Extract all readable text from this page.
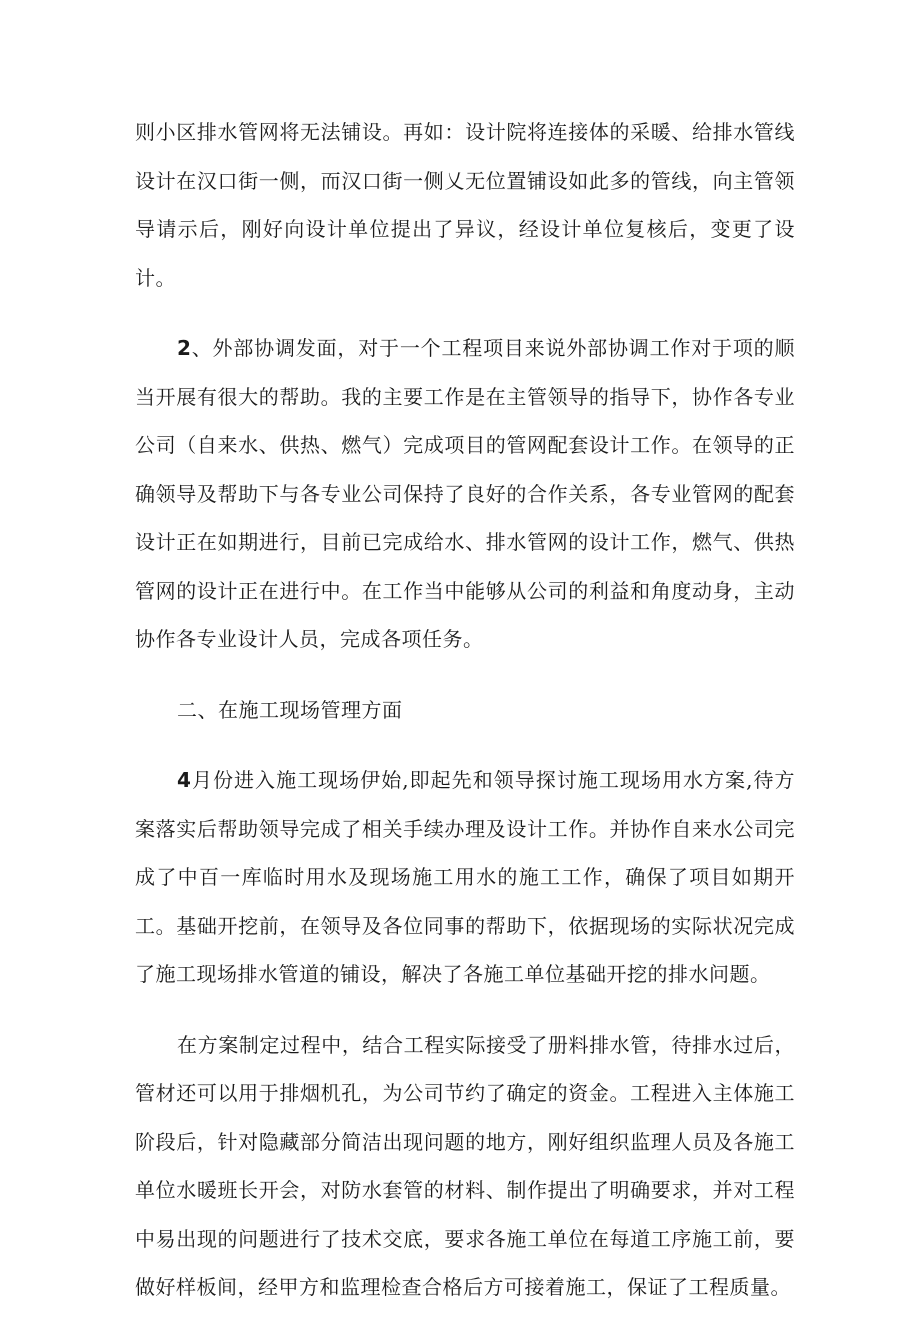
则小区排水管网将无法铺设。再如：设计院将连接体的采暖、给排水管线设计在汉口街一侧，而汉口街一侧乂无位置铺设如此多的管线，向主管领导请示后，刚好向设计单位提出了异议，经设计单位复核后，变更了设计。

2、外部协调发面，对于一个工程项目来说外部协调工作对于项的顺当开展有很大的帮助。我的主要工作是在主管领导的指导下，协作各专业公司（自来水、供热、燃气）完成项目的管网配套设计工作。在领导的正确领导及帮助下与各专业公司保持了良好的合作关系，各专业管网的配套设计正在如期进行，目前已完成给水、排水管网的设计工作，燃气、供热管网的设计正在进行中。在工作当中能够从公司的利益和角度动身，主动协作各专业设计人员，完成各项任务。

二、在施工现场管理方面

4月份进入施工现场伊始,即起先和领导探讨施工现场用水方案,待方案落实后帮助领导完成了相关手续办理及设计工作。并协作自来水公司完成了中百一库临时用水及现场施工用水的施工工作，确保了项目如期开工。基础开挖前，在领导及各位同事的帮助下，依据现场的实际状况完成了施工现场排水管道的铺设，解决了各施工单位基础开挖的排水问题。

在方案制定过程中，结合工程实际接受了册料排水管，待排水过后，管材还可以用于排烟机孔，为公司节约了确定的资金。工程进入主体施工阶段后，针对隐藏部分简洁出现问题的地方，刚好组织监理人员及各施工单位水暖班长开会，对防水套管的材料、制作提出了明确要求，并对工程中易出现的问题进行了技术交底，要求各施工单位在每道工序施工前，要做好样板间，经甲方和监理检查合格后方可接着施工，保证了工程质量。
